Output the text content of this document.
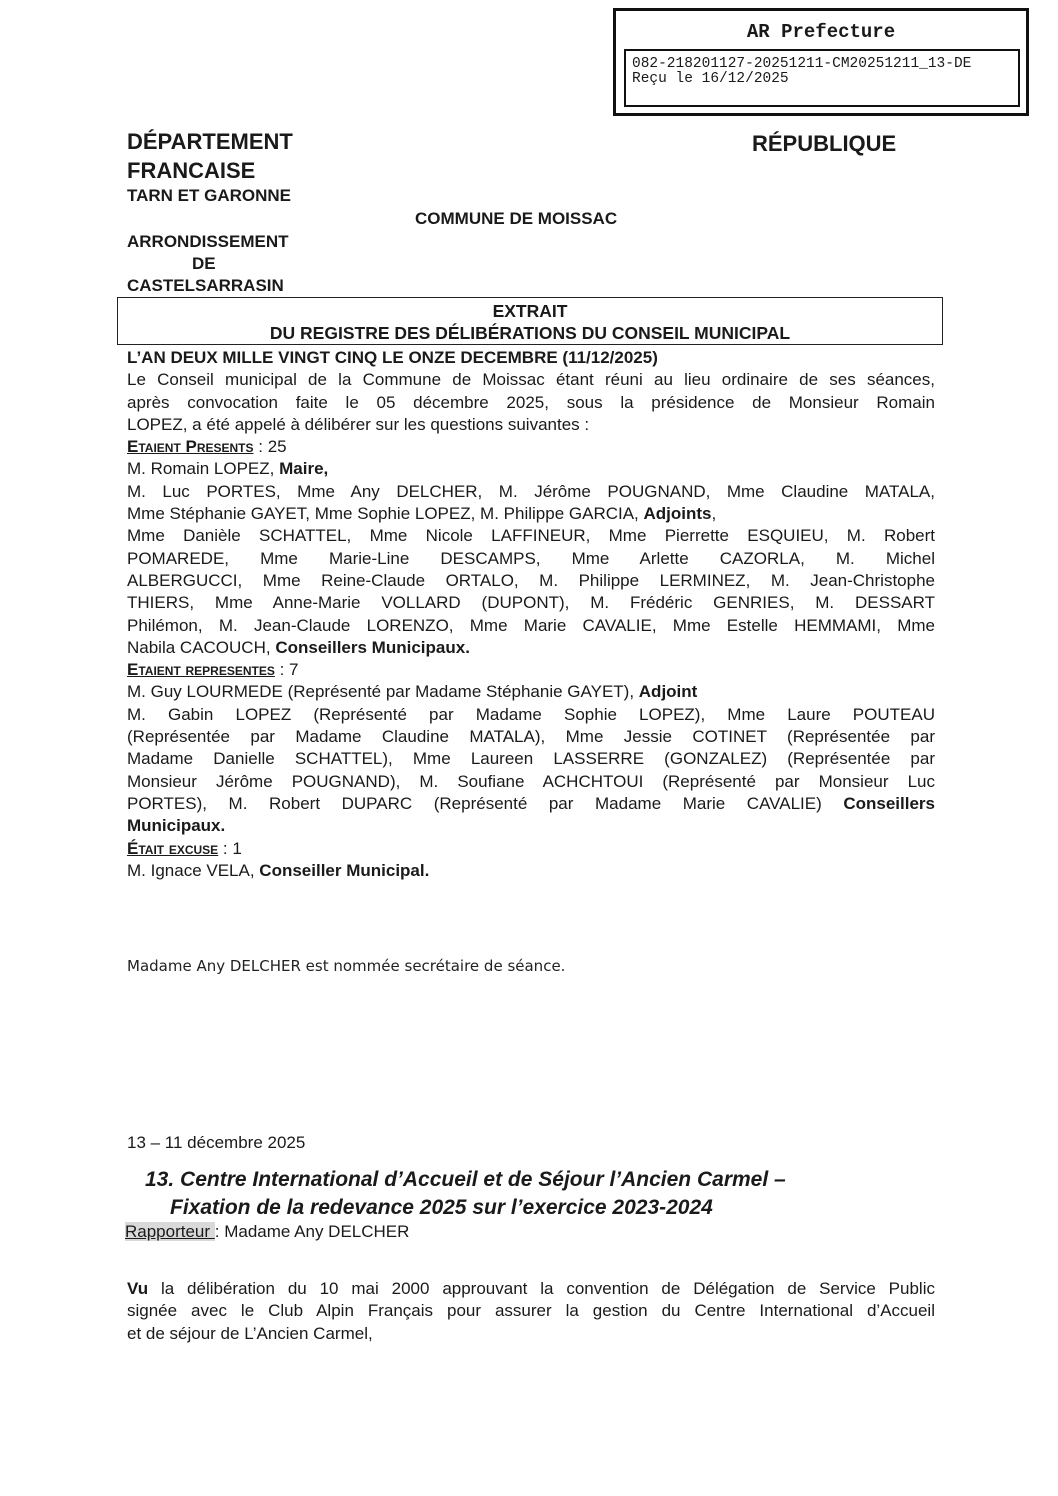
AR Prefecture
082-218201127-20251211-CM20251211_13-DE
Reçu le 16/12/2025
DÉPARTEMENT	RÉPUBLIQUE
FRANCAISE
TARN ET GARONNE
COMMUNE DE MOISSAC
ARRONDISSEMENT
DE
CASTELSARRASIN
EXTRAIT
DU REGISTRE DES DÉLIBÉRATIONS DU CONSEIL MUNICIPAL
L’AN DEUX MILLE VINGT CINQ LE ONZE DECEMBRE (11/12/2025)
Le Conseil municipal de la Commune de Moissac étant réuni au lieu ordinaire de ses séances,
après convocation faite le 05 décembre 2025, sous la présidence de Monsieur Romain
LOPEZ, a été appelé à délibérer sur les questions suivantes :
Etaient Presents : 25
M. Romain LOPEZ, Maire,
M. Luc PORTES, Mme Any DELCHER, M. Jérôme POUGNAND, Mme Claudine MATALA,
Mme Stéphanie GAYET, Mme Sophie LOPEZ, M. Philippe GARCIA, Adjoints,
Mme Danièle SCHATTEL, Mme Nicole LAFFINEUR, Mme Pierrette ESQUIEU, M. Robert
POMAREDE, Mme Marie-Line DESCAMPS, Mme Arlette CAZORLA, M. Michel
ALBERGUCCI, Mme Reine-Claude ORTALO, M. Philippe LERMINEZ, M. Jean-Christophe
THIERS, Mme Anne-Marie VOLLARD (DUPONT), M. Frédéric GENRIES, M. DESSART
Philémon, M. Jean-Claude LORENZO, Mme Marie CAVALIE, Mme Estelle HEMMAMI, Mme
Nabila CACOUCH, Conseillers Municipaux.
Etaient representes : 7
M. Guy LOURMEDE (Représenté par Madame Stéphanie GAYET), Adjoint
M. Gabin LOPEZ (Représenté par Madame Sophie LOPEZ), Mme Laure POUTEAU
(Représentée par Madame Claudine MATALA), Mme Jessie COTINET (Représentée par
Madame Danielle SCHATTEL), Mme Laureen LASSERRE (GONZALEZ) (Représentée par
Monsieur Jérôme POUGNAND), M. Soufiane ACHCHTOUI (Représenté par Monsieur Luc
PORTES), M. Robert DUPARC (Représenté par Madame Marie CAVALIE) Conseillers
Municipaux.
Était excuse : 1
M. Ignace VELA, Conseiller Municipal.
Madame Any DELCHER est nommée secrétaire de séance.
13 – 11 décembre 2025
13. Centre International d’Accueil et de Séjour l’Ancien Carmel –
Fixation de la redevance 2025 sur l’exercice 2023-2024
Rapporteur : Madame Any DELCHER
Vu la délibération du 10 mai 2000 approuvant la convention de Délégation de Service Public
signée avec le Club Alpin Français pour assurer la gestion du Centre International d’Accueil
et de séjour de L’Ancien Carmel,
